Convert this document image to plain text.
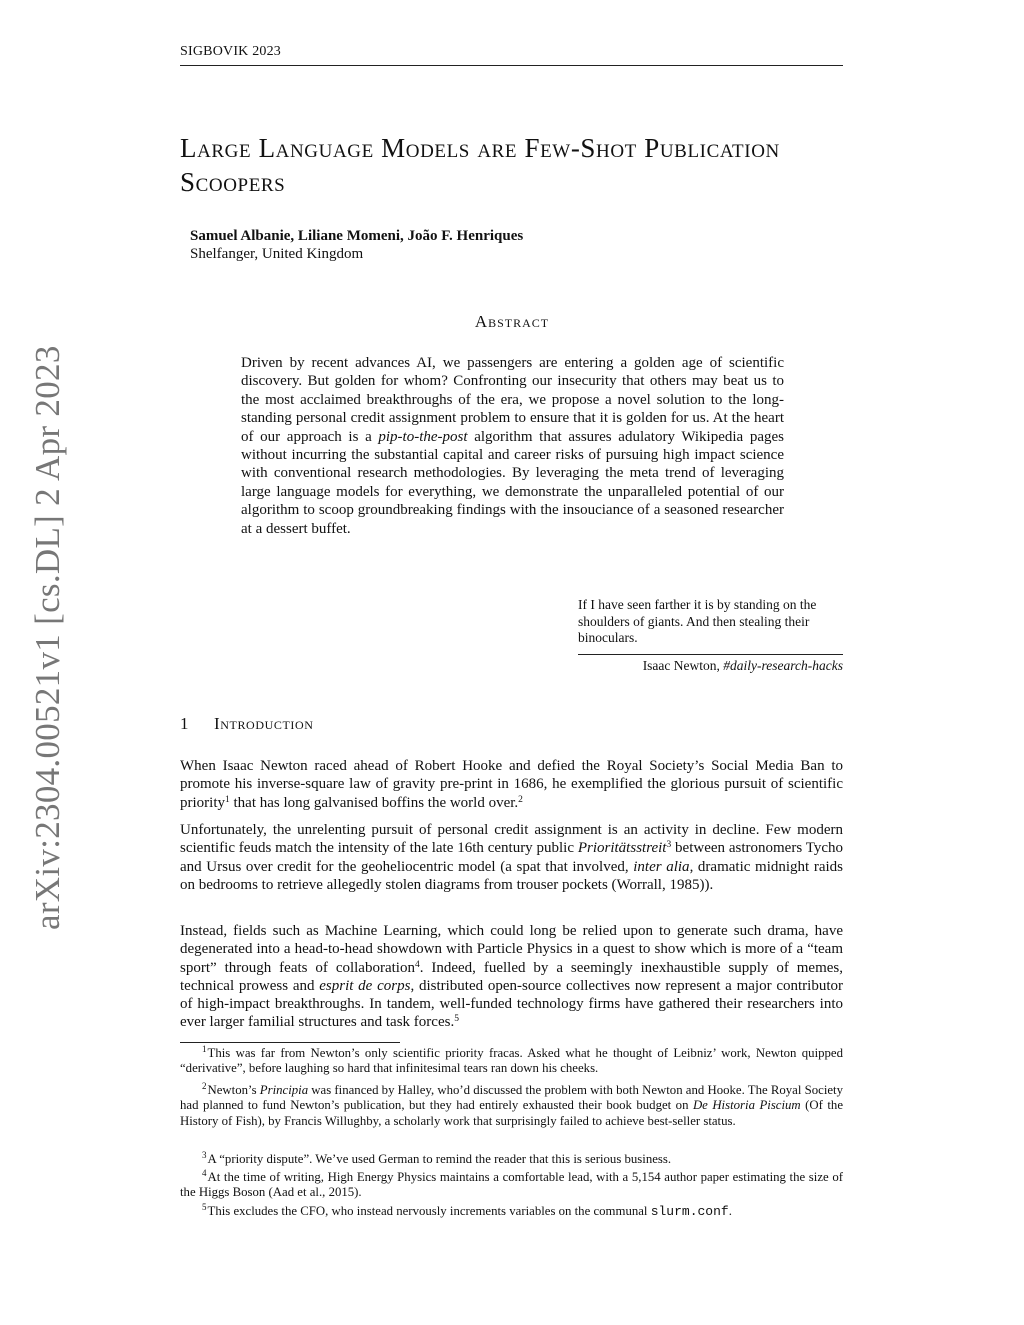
SIGBOVIK 2023
arXiv:2304.00521v1 [cs.DL] 2 Apr 2023
Large Language Models are Few-Shot Publication Scoopers
Samuel Albanie, Liliane Momeni, João F. Henriques
Shelfanger, United Kingdom
Abstract
Driven by recent advances AI, we passengers are entering a golden age of scientific discovery. But golden for whom? Confronting our insecurity that others may beat us to the most acclaimed breakthroughs of the era, we propose a novel solution to the long-standing personal credit assignment problem to ensure that it is golden for us. At the heart of our approach is a pip-to-the-post algorithm that assures adulatory Wikipedia pages without incurring the substantial capital and career risks of pursuing high impact science with conventional research methodologies. By leveraging the meta trend of leveraging large language models for everything, we demonstrate the unparalleled potential of our algorithm to scoop groundbreaking findings with the insouciance of a seasoned researcher at a dessert buffet.
If I have seen farther it is by standing on the shoulders of giants. And then stealing their binoculars.
Isaac Newton, #daily-research-hacks
1 Introduction
When Isaac Newton raced ahead of Robert Hooke and defied the Royal Society’s Social Media Ban to promote his inverse-square law of gravity pre-print in 1686, he exemplified the glorious pursuit of scientific priority$^1$ that has long galvanised boffins the world over.$^2$
Unfortunately, the unrelenting pursuit of personal credit assignment is an activity in decline. Few modern scientific feuds match the intensity of the late 16th century public Prioritätsstreit$^3$ between astronomers Tycho and Ursus over credit for the geoheliocentric model (a spat that involved, inter alia, dramatic midnight raids on bedrooms to retrieve allegedly stolen diagrams from trouser pockets (Worrall, 1985)).
Instead, fields such as Machine Learning, which could long be relied upon to generate such drama, have degenerated into a head-to-head showdown with Particle Physics in a quest to show which is more of a “team sport” through feats of collaboration$^4$. Indeed, fuelled by a seemingly inexhaustible supply of memes, technical prowess and esprit de corps, distributed open-source collectives now represent a major contributor of high-impact breakthroughs. In tandem, well-funded technology firms have gathered their researchers into ever larger familial structures and task forces.$^5$
$^1$This was far from Newton’s only scientific priority fracas. Asked what he thought of Leibniz’ work, Newton quipped “derivative”, before laughing so hard that infinitesimal tears ran down his cheeks.
$^2$Newton’s Principia was financed by Halley, who’d discussed the problem with both Newton and Hooke. The Royal Society had planned to fund Newton’s publication, but they had entirely exhausted their book budget on De Historia Piscium (Of the History of Fish), by Francis Willughby, a scholarly work that surprisingly failed to achieve best-seller status.
$^3$A “priority dispute”. We’ve used German to remind the reader that this is serious business.
$^4$At the time of writing, High Energy Physics maintains a comfortable lead, with a 5,154 author paper estimating the size of the Higgs Boson (Aad et al., 2015).
$^5$This excludes the CFO, who instead nervously increments variables on the communal slurm.conf.
